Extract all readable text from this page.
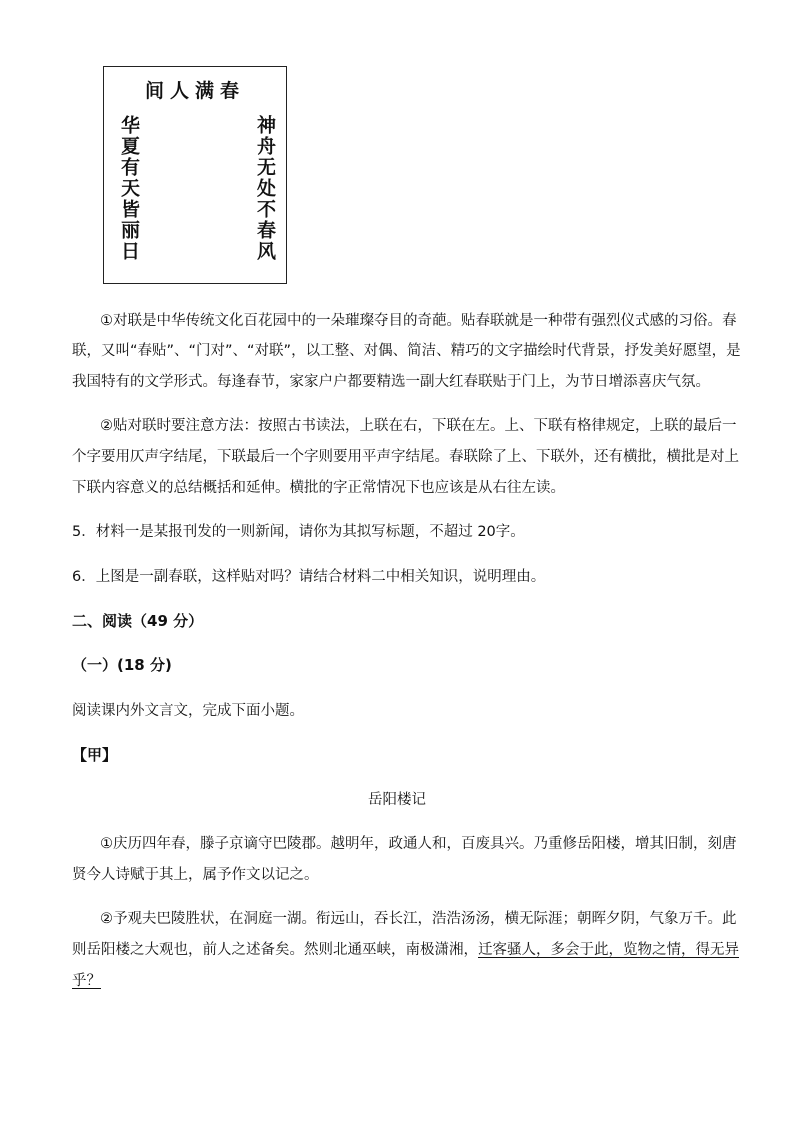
间人满春
神舟无处不春风
华夏有天皆丽日
①对联是中华传统文化百花园中的一朵璀璨夺目的奇葩。贴春联就是一种带有强烈仪式感的习俗。春
联，又叫“春贴”、“门对”、“对联”，以工整、对偶、简洁、精巧的文字描绘时代背景，抒发美好愿望，是
我国特有的文学形式。每逢春节，家家户户都要精选一副大红春联贴于门上，为节日增添喜庆气氛。
②贴对联时要注意方法：按照古书读法，上联在右，下联在左。上、下联有格律规定，上联的最后一
个字要用仄声字结尾，下联最后一个字则要用平声字结尾。春联除了上、下联外，还有横批，横批是对上
下联内容意义的总结概括和延伸。横批的字正常情况下也应该是从右往左读。
5．材料一是某报刊发的一则新闻，请你为其拟写标题，不超过 20字。
6．上图是一副春联，这样贴对吗？请结合材料二中相关知识，说明理由。
二、阅读（49 分）
（一）(18 分)
阅读课内外文言文，完成下面小题。
【甲】
岳阳楼记
①庆历四年春，滕子京谪守巴陵郡。越明年，政通人和，百废具兴。乃重修岳阳楼，增其旧制，刻唐
贤今人诗赋于其上，属予作文以记之。
②予观夫巴陵胜状，在洞庭一湖。衔远山，吞长江，浩浩汤汤，横无际涯；朝晖夕阴，气象万千。此
则岳阳楼之大观也，前人之述备矣。然则北通巫峡，南极潇湘，迁客骚人，多会于此，览物之情，得无异
乎？
